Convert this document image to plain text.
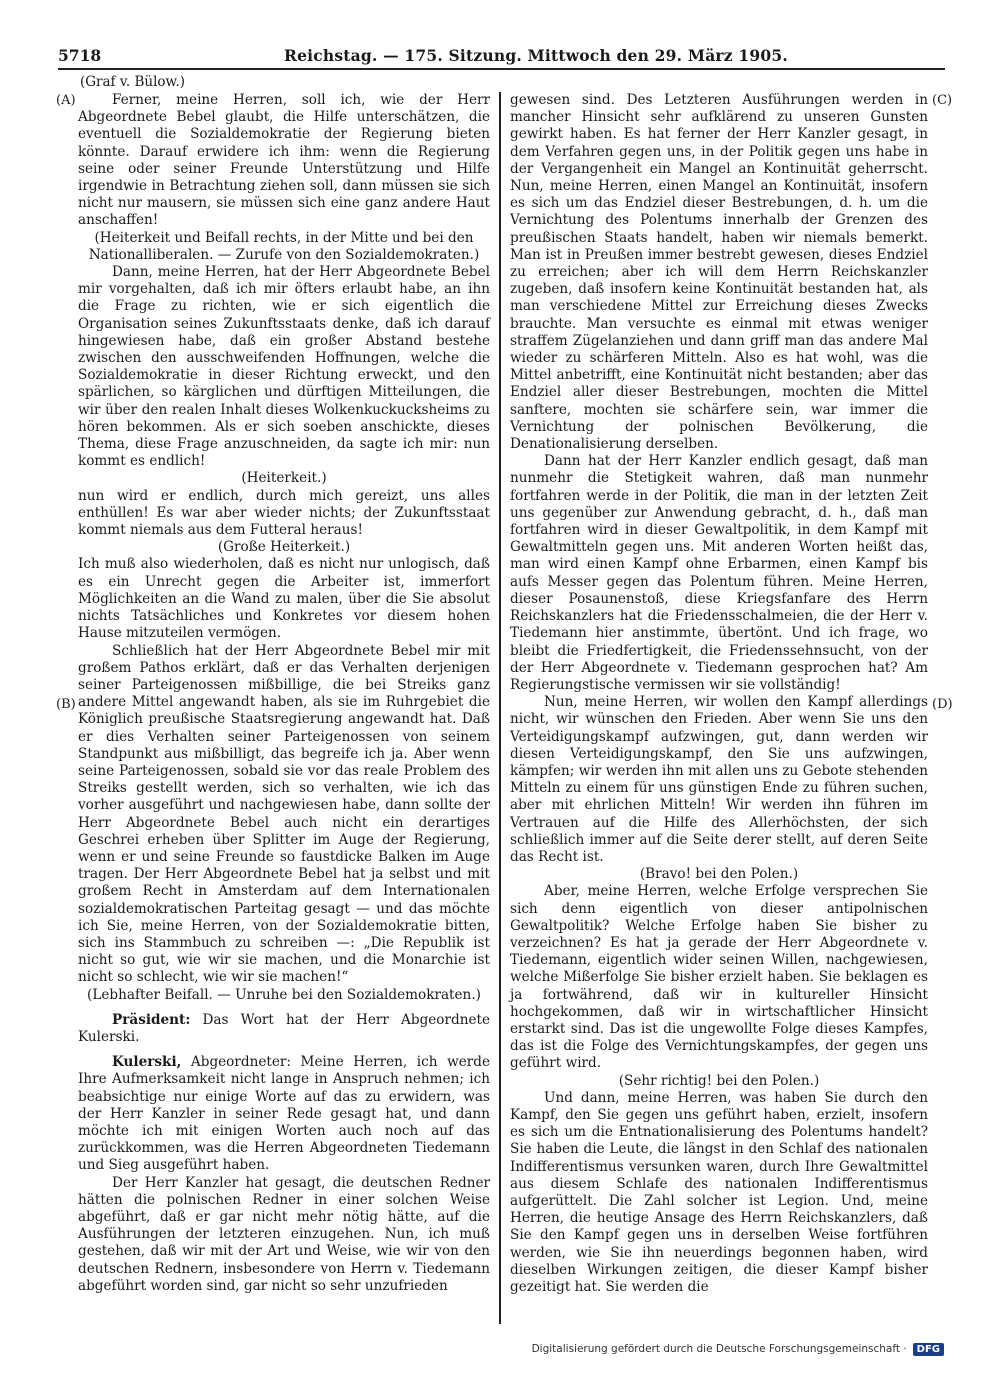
5718	Reichstag. — 175. Sitzung. Mittwoch den 29. März 1905.
(Graf v. Bülow.)
(A)
(B)
(C)
(D)

Ferner, meine Herren, soll ich, wie der Herr Abgeordnete Bebel glaubt, die Hilfe unterschätzen, die eventuell die Sozialdemokratie der Regierung bieten könnte. Darauf erwidere ich ihm: wenn die Regierung seine oder seiner Freunde Unterstützung und Hilfe irgendwie in Betrachtung ziehen soll, dann müssen sie sich nicht nur mausern, sie müssen sich eine ganz andere Haut anschaffen!

(Heiterkeit und Beifall rechts, in der Mitte und bei den Nationalliberalen. — Zurufe von den Sozialdemokraten.)

Dann, meine Herren, hat der Herr Abgeordnete Bebel mir vorgehalten, daß ich mir öfters erlaubt habe, an ihn die Frage zu richten, wie er sich eigentlich die Organisation seines Zukunftsstaats denke, daß ich darauf hingewiesen habe, daß ein großer Abstand bestehe zwischen den ausschweifenden Hoffnungen, welche die Sozialdemokratie in dieser Richtung erweckt, und den spärlichen, so kärglichen und dürftigen Mitteilungen, die wir über den realen Inhalt dieses Wolkenkuckucksheims zu hören bekommen. Als er sich soeben anschickte, dieses Thema, diese Frage anzuschneiden, da sagte ich mir: nun kommt es endlich!

(Heiterkeit.)

nun wird er endlich, durch mich gereizt, uns alles enthüllen! Es war aber wieder nichts; der Zukunftsstaat kommt niemals aus dem Futteral heraus!

(Große Heiterkeit.)

Ich muß also wiederholen, daß es nicht nur unlogisch, daß es ein Unrecht gegen die Arbeiter ist, immerfort Möglichkeiten an die Wand zu malen, über die Sie absolut nichts Tatsächliches und Konkretes vor diesem hohen Hause mitzuteilen vermögen.

Schließlich hat der Herr Abgeordnete Bebel mir mit großem Pathos erklärt, daß er das Verhalten derjenigen seiner Parteigenossen mißbillige, die bei Streiks ganz andere Mittel angewandt haben, als sie im Ruhrgebiet die Königlich preußische Staatsregierung angewandt hat. Daß er dies Verhalten seiner Parteigenossen von seinem Standpunkt aus mißbilligt, das begreife ich ja. Aber wenn seine Parteigenossen, sobald sie vor das reale Problem des Streiks gestellt werden, sich so verhalten, wie ich das vorher ausgeführt und nachgewiesen habe, dann sollte der Herr Abgeordnete Bebel auch nicht ein derartiges Geschrei erheben über Splitter im Auge der Regierung, wenn er und seine Freunde so faustdicke Balken im Auge tragen. Der Herr Abgeordnete Bebel hat ja selbst und mit großem Recht in Amsterdam auf dem Internationalen sozialdemokratischen Parteitag gesagt — und das möchte ich Sie, meine Herren, von der Sozialdemokratie bitten, sich ins Stammbuch zu schreiben —: „Die Republik ist nicht so gut, wie wir sie machen, und die Monarchie ist nicht so schlecht, wie wir sie machen!“

(Lebhafter Beifall. — Unruhe bei den Sozialdemokraten.)

Präsident: Das Wort hat der Herr Abgeordnete Kulerski.

Kulerski, Abgeordneter: Meine Herren, ich werde Ihre Aufmerksamkeit nicht lange in Anspruch nehmen; ich beabsichtige nur einige Worte auf das zu erwidern, was der Herr Kanzler in seiner Rede gesagt hat, und dann möchte ich mit einigen Worten auch noch auf das zurückkommen, was die Herren Abgeordneten Tiedemann und Sieg ausgeführt haben.

Der Herr Kanzler hat gesagt, die deutschen Redner hätten die polnischen Redner in einer solchen Weise abgeführt, daß er gar nicht mehr nötig hätte, auf die Ausführungen der letzteren einzugehen. Nun, ich muß gestehen, daß wir mit der Art und Weise, wie wir von den deutschen Rednern, insbesondere von Herrn v. Tiedemann abgeführt worden sind, gar nicht so sehr unzufrieden

gewesen sind. Des Letzteren Ausführungen werden in mancher Hinsicht sehr aufklärend zu unseren Gunsten gewirkt haben. Es hat ferner der Herr Kanzler gesagt, in dem Verfahren gegen uns, in der Politik gegen uns habe in der Vergangenheit ein Mangel an Kontinuität geherrscht. Nun, meine Herren, einen Mangel an Kontinuität, insofern es sich um das Endziel dieser Bestrebungen, d. h. um die Vernichtung des Polentums innerhalb der Grenzen des preußischen Staats handelt, haben wir niemals bemerkt. Man ist in Preußen immer bestrebt gewesen, dieses Endziel zu erreichen; aber ich will dem Herrn Reichskanzler zugeben, daß insofern keine Kontinuität bestanden hat, als man verschiedene Mittel zur Erreichung dieses Zwecks brauchte. Man versuchte es einmal mit etwas weniger straffem Zügelanziehen und dann griff man das andere Mal wieder zu schärferen Mitteln. Also es hat wohl, was die Mittel anbetrifft, eine Kontinuität nicht bestanden; aber das Endziel aller dieser Bestrebungen, mochten die Mittel sanftere, mochten sie schärfere sein, war immer die Vernichtung der polnischen Bevölkerung, die Denationalisierung derselben.

Dann hat der Herr Kanzler endlich gesagt, daß man nunmehr die Stetigkeit wahren, daß man nunmehr fortfahren werde in der Politik, die man in der letzten Zeit uns gegenüber zur Anwendung gebracht, d. h., daß man fortfahren wird in dieser Gewaltpolitik, in dem Kampf mit Gewaltmitteln gegen uns. Mit anderen Worten heißt das, man wird einen Kampf ohne Erbarmen, einen Kampf bis aufs Messer gegen das Polentum führen. Meine Herren, dieser Posaunenstoß, diese Kriegsfanfare des Herrn Reichskanzlers hat die Friedensschalmeien, die der Herr v. Tiedemann hier anstimmte, übertönt. Und ich frage, wo bleibt die Friedfertigkeit, die Friedenssehnsucht, von der der Herr Abgeordnete v. Tiedemann gesprochen hat? Am Regierungstische vermissen wir sie vollständig!

Nun, meine Herren, wir wollen den Kampf allerdings nicht, wir wünschen den Frieden. Aber wenn Sie uns den Verteidigungskampf aufzwingen, gut, dann werden wir diesen Verteidigungskampf, den Sie uns aufzwingen, kämpfen; wir werden ihn mit allen uns zu Gebote stehenden Mitteln zu einem für uns günstigen Ende zu führen suchen, aber mit ehrlichen Mitteln! Wir werden ihn führen im Vertrauen auf die Hilfe des Allerhöchsten, der sich schließlich immer auf die Seite derer stellt, auf deren Seite das Recht ist.

(Bravo! bei den Polen.)

Aber, meine Herren, welche Erfolge versprechen Sie sich denn eigentlich von dieser antipolnischen Gewaltpolitik? Welche Erfolge haben Sie bisher zu verzeichnen? Es hat ja gerade der Herr Abgeordnete v. Tiedemann, eigentlich wider seinen Willen, nachgewiesen, welche Mißerfolge Sie bisher erzielt haben. Sie beklagen es ja fortwährend, daß wir in kultureller Hinsicht hochgekommen, daß wir in wirtschaftlicher Hinsicht erstarkt sind. Das ist die ungewollte Folge dieses Kampfes, das ist die Folge des Vernichtungskampfes, der gegen uns geführt wird.

(Sehr richtig! bei den Polen.)

Und dann, meine Herren, was haben Sie durch den Kampf, den Sie gegen uns geführt haben, erzielt, insofern es sich um die Entnationalisierung des Polentums handelt? Sie haben die Leute, die längst in den Schlaf des nationalen Indifferentismus versunken waren, durch Ihre Gewaltmittel aus diesem Schlafe des nationalen Indifferentismus aufgerüttelt. Die Zahl solcher ist Legion. Und, meine Herren, die heutige Ansage des Herrn Reichskanzlers, daß Sie den Kampf gegen uns in derselben Weise fortführen werden, wie Sie ihn neuerdings begonnen haben, wird dieselben Wirkungen zeitigen, die dieser Kampf bisher gezeitigt hat. Sie werden die

Digitalisierung gefördert durch die Deutsche Forschungsgemeinschaft ·	DFG
